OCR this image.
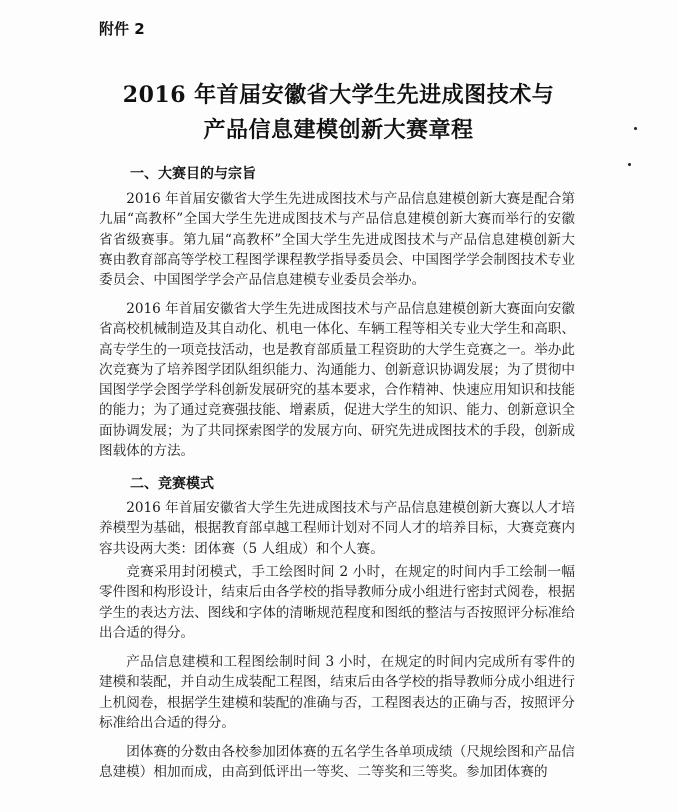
附件 2
2016 年首届安徽省大学生先进成图技术与
产品信息建模创新大赛章程
一、大赛目的与宗旨

2016 年首届安徽省大学生先进成图技术与产品信息建模创新大赛是配合第九届“高教杯”全国大学生先进成图技术与产品信息建模创新大赛而举行的安徽省省级赛事。第九届“高教杯”全国大学生先进成图技术与产品信息建模创新大赛由教育部高等学校工程图学课程教学指导委员会、中国图学学会制图技术专业委员会、中国图学学会产品信息建模专业委员会举办。

2016 年首届安徽省大学生先进成图技术与产品信息建模创新大赛面向安徽省高校机械制造及其自动化、机电一体化、车辆工程等相关专业大学生和高职、高专学生的一项竞技活动，也是教育部质量工程资助的大学生竞赛之一。举办此次竞赛为了培养图学团队组织能力、沟通能力、创新意识协调发展；为了贯彻中国图学学会图学学科创新发展研究的基本要求，合作精神、快速应用知识和技能的能力；为了通过竞赛强技能、增素质，促进大学生的知识、能力、创新意识全面协调发展；为了共同探索图学的发展方向、研究先进成图技术的手段，创新成图载体的方法。

二、竞赛模式

2016 年首届安徽省大学生先进成图技术与产品信息建模创新大赛以人才培养模型为基础，根据教育部卓越工程师计划对不同人才的培养目标，大赛竞赛内容共设两大类：团体赛（5 人组成）和个人赛。

竞赛采用封闭模式，手工绘图时间 2 小时，在规定的时间内手工绘制一幅零件图和构形设计，结束后由各学校的指导教师分成小组进行密封式阅卷，根据学生的表达方法、图线和字体的清晰规范程度和图纸的整洁与否按照评分标准给出合适的得分。

产品信息建模和工程图绘制时间 3 小时，在规定的时间内完成所有零件的建模和装配，并自动生成装配工程图，结束后由各学校的指导教师分成小组进行上机阅卷，根据学生建模和装配的准确与否，工程图表达的正确与否，按照评分标准给出合适的得分。

团体赛的分数由各校参加团体赛的五名学生各单项成绩（尺规绘图和产品信息建模）相加而成，由高到低评出一等奖、二等奖和三等奖。参加团体赛的
